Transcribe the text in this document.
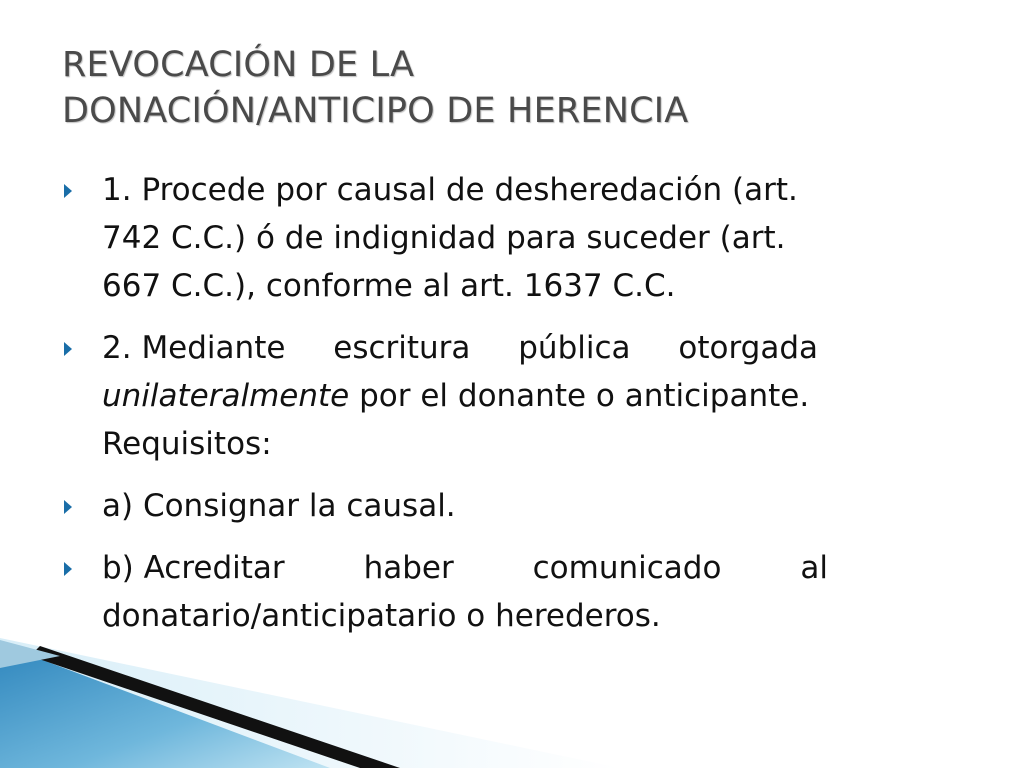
REVOCACIÓN DE LA
DONACIÓN/ANTICIPO DE HERENCIA
1. Procede por causal de desheredación (art.
742 C.C.) ó de indignidad para suceder (art.
667 C.C.), conforme al art. 1637 C.C.
2. Mediante escritura pública otorgada
unilateralmente por el donante o anticipante.
Requisitos:
a) Consignar la causal.
b) Acreditar	haber	comunicado	al
donatario/anticipatario o herederos.
